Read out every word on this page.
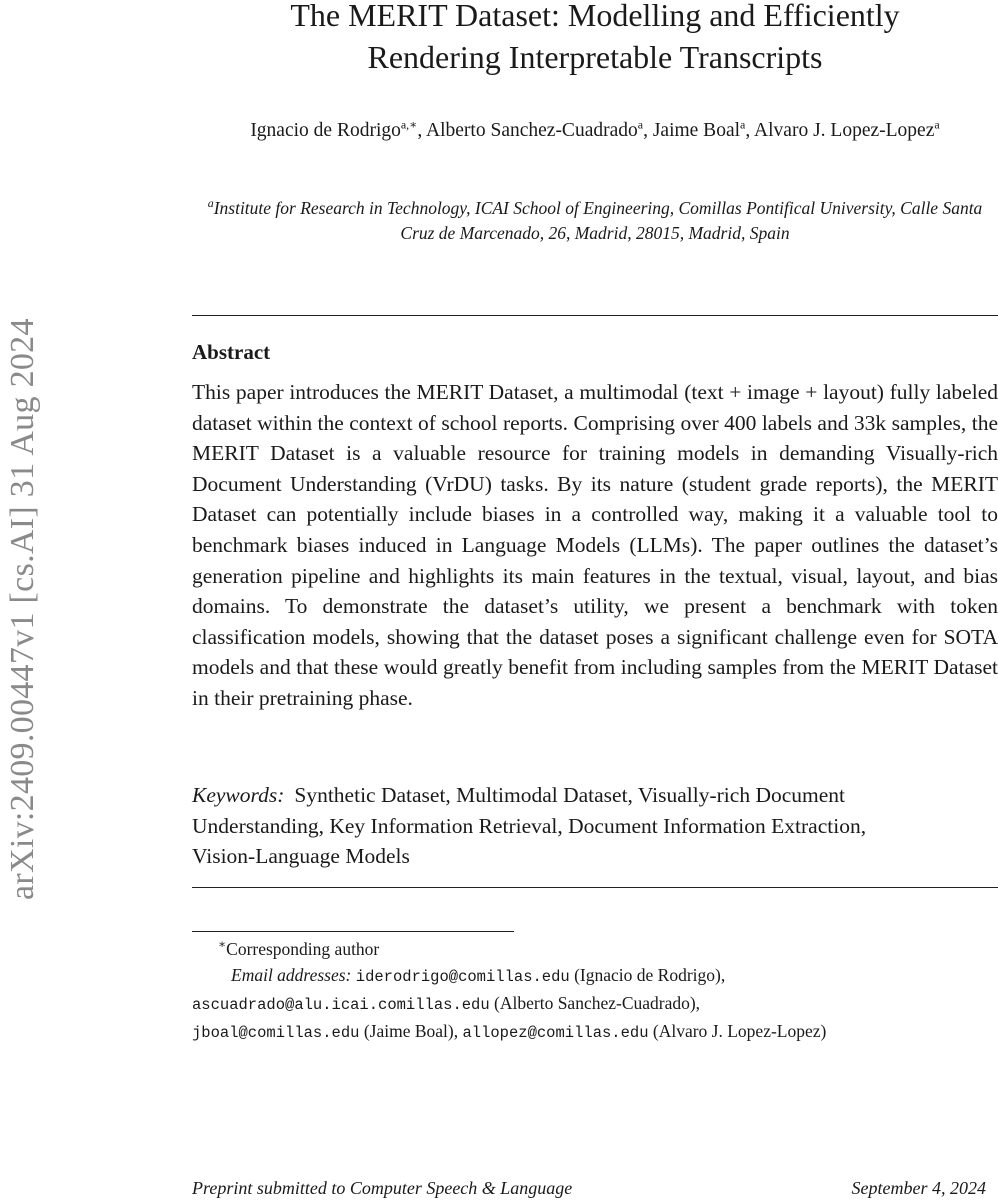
arXiv:2409.00447v1 [cs.AI] 31 Aug 2024
The MERIT Dataset: Modelling and Efficiently
Rendering Interpretable Transcripts
Ignacio de Rodrigo$^{a,∗}$, Alberto Sanchez-Cuadrado$^a$, Jaime Boal$^a$, Alvaro J. Lopez-Lopez$^a$
$^a$Institute for Research in Technology, ICAI School of Engineering, Comillas Pontifical University, Calle Santa Cruz de Marcenado, 26, Madrid, 28015, Madrid, Spain
Abstract

This paper introduces the MERIT Dataset, a multimodal (text + image + layout) fully labeled dataset within the context of school reports. Comprising over 400 labels and 33k samples, the MERIT Dataset is a valuable resource for training models in demanding Visually-rich Document Understanding (VrDU) tasks. By its nature (student grade reports), the MERIT Dataset can potentially include biases in a controlled way, making it a valuable tool to benchmark biases induced in Language Models (LLMs). The paper outlines the dataset’s generation pipeline and highlights its main features in the textual, visual, layout, and bias domains. To demonstrate the dataset’s utility, we present a benchmark with token classification models, showing that the dataset poses a significant challenge even for SOTA models and that these would greatly benefit from including samples from the MERIT Dataset in their pretraining phase.

Keywords: Synthetic Dataset, Multimodal Dataset, Visually-rich Document Understanding, Key Information Retrieval, Document Information Extraction, Vision-Language Models

∗Corresponding author
Email addresses: iderodrigo@comillas.edu (Ignacio de Rodrigo),
ascuadrado@alu.icai.comillas.edu (Alberto Sanchez-Cuadrado),
jboal@comillas.edu (Jaime Boal), allopez@comillas.edu (Alvaro J. Lopez-Lopez)
Preprint submitted to Computer Speech & Language	September 4, 2024
